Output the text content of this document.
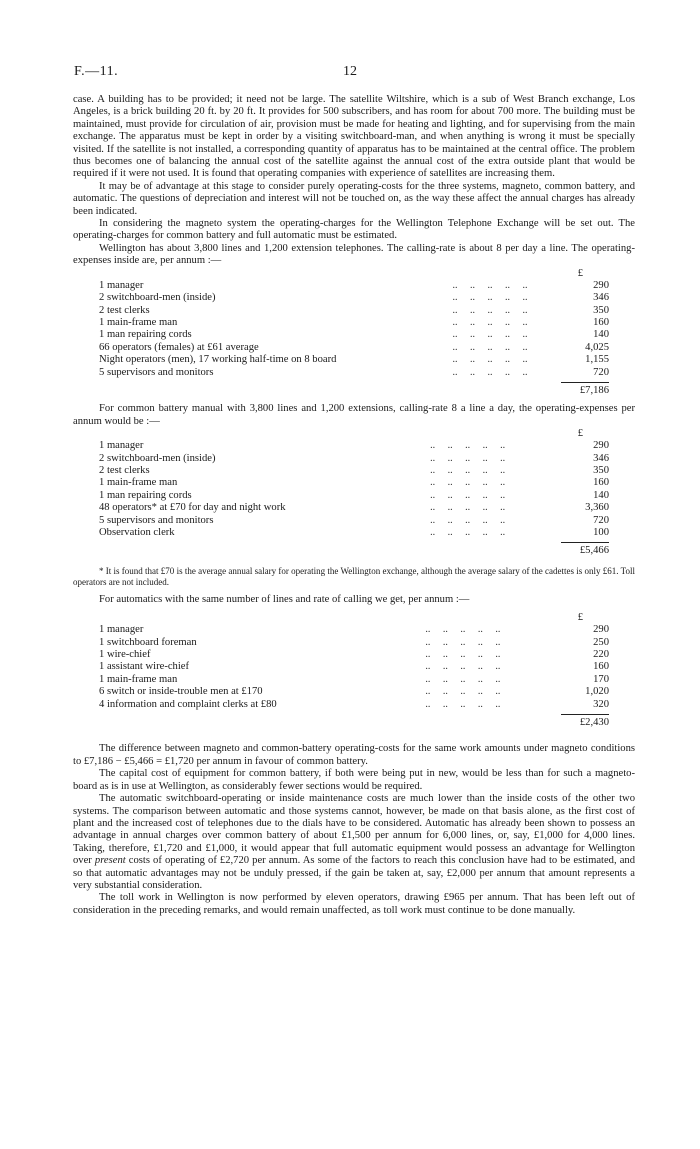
F.—11.	12

case. A building has to be provided; it need not be large. The satellite Wiltshire, which is a sub of West Branch exchange, Los Angeles, is a brick building 20 ft. by 20 ft. It provides for 500 subscribers, and has room for about 700 more. The building must be maintained, must provide for circulation of air, provision must be made for heating and lighting, and for supervising from the main exchange. The apparatus must be kept in order by a visiting switchboard-man, and when anything is wrong it must be specially visited. If the satellite is not installed, a corresponding quantity of apparatus has to be maintained at the central office. The problem thus becomes one of balancing the annual cost of the satellite against the annual cost of the extra outside plant that would be required if it were not used. It is found that operating companies with experience of satellites are increasing them.

It may be of advantage at this stage to consider purely operating-costs for the three systems, magneto, common battery, and automatic. The questions of depreciation and interest will not be touched on, as the way these affect the annual charges has already been indicated.

In considering the magneto system the operating-charges for the Wellington Telephone Exchange will be set out. The operating-charges for common battery and full automatic must be estimated.

Wellington has about 3,800 lines and 1,200 extension telephones. The calling-rate is about 8 per day a line. The operating-expenses inside are, per annum :—

£
1 manager	..     ..     ..     ..     ..	290
2 switchboard-men (inside)	..     ..     ..     ..     ..	346
2 test clerks	..     ..     ..     ..     ..	350
1 main-frame man	..     ..     ..     ..     ..	160
1 man repairing cords	..     ..     ..     ..     ..	140
66 operators (females) at £61 average	..     ..     ..     ..     ..	4,025
Night operators (men), 17 working half-time on 8 board	..     ..     ..     ..     ..	1,155
5 supervisors and monitors	..     ..     ..     ..     ..	720
£7,186

For common battery manual with 3,800 lines and 1,200 extensions, calling-rate 8 a line a day, the operating-expenses per annum would be :—

£
1 manager	..     ..     ..     ..     ..	290
2 switchboard-men (inside)	..     ..     ..     ..     ..	346
2 test clerks	..     ..     ..     ..     ..	350
1 main-frame man	..     ..     ..     ..     ..	160
1 man repairing cords	..     ..     ..     ..     ..	140
48 operators* at £70 for day and night work	..     ..     ..     ..     ..	3,360
5 supervisors and monitors	..     ..     ..     ..     ..	720
Observation clerk	..     ..     ..     ..     ..	100
£5,466

* It is found that £70 is the average annual salary for operating the Wellington exchange, although the average salary of the cadettes is only £61. Toll operators are not included.

For automatics with the same number of lines and rate of calling we get, per annum :—

£
1 manager	..     ..     ..     ..     ..	290
1 switchboard foreman	..     ..     ..     ..     ..	250
1 wire-chief	..     ..     ..     ..     ..	220
1 assistant wire-chief	..     ..     ..     ..     ..	160
1 main-frame man	..     ..     ..     ..     ..	170
6 switch or inside-trouble men at £170	..     ..     ..     ..     ..	1,020
4 information and complaint clerks at £80	..     ..     ..     ..     ..	320
£2,430

The difference between magneto and common-battery operating-costs for the same work amounts under magneto conditions to £7,186 − £5,466 = £1,720 per annum in favour of common battery.

The capital cost of equipment for common battery, if both were being put in new, would be less than for such a magneto-board as is in use at Wellington, as considerably fewer sections would be required.

The automatic switchboard-operating or inside maintenance costs are much lower than the inside costs of the other two systems. The comparison between automatic and those systems cannot, however, be made on that basis alone, as the first cost of plant and the increased cost of telephones due to the dials have to be considered. Automatic has already been shown to possess an advantage in annual charges over common battery of about £1,500 per annum for 6,000 lines, or, say, £1,000 for 4,000 lines. Taking, therefore, £1,720 and £1,000, it would appear that full automatic equipment would possess an advantage for Wellington over present costs of operating of £2,720 per annum. As some of the factors to reach this conclusion have had to be estimated, and so that automatic advantages may not be unduly pressed, if the gain be taken at, say, £2,000 per annum that amount represents a very substantial consideration.

The toll work in Wellington is now performed by eleven operators, drawing £965 per annum. That has been left out of consideration in the preceding remarks, and would remain unaffected, as toll work must continue to be done manually.
